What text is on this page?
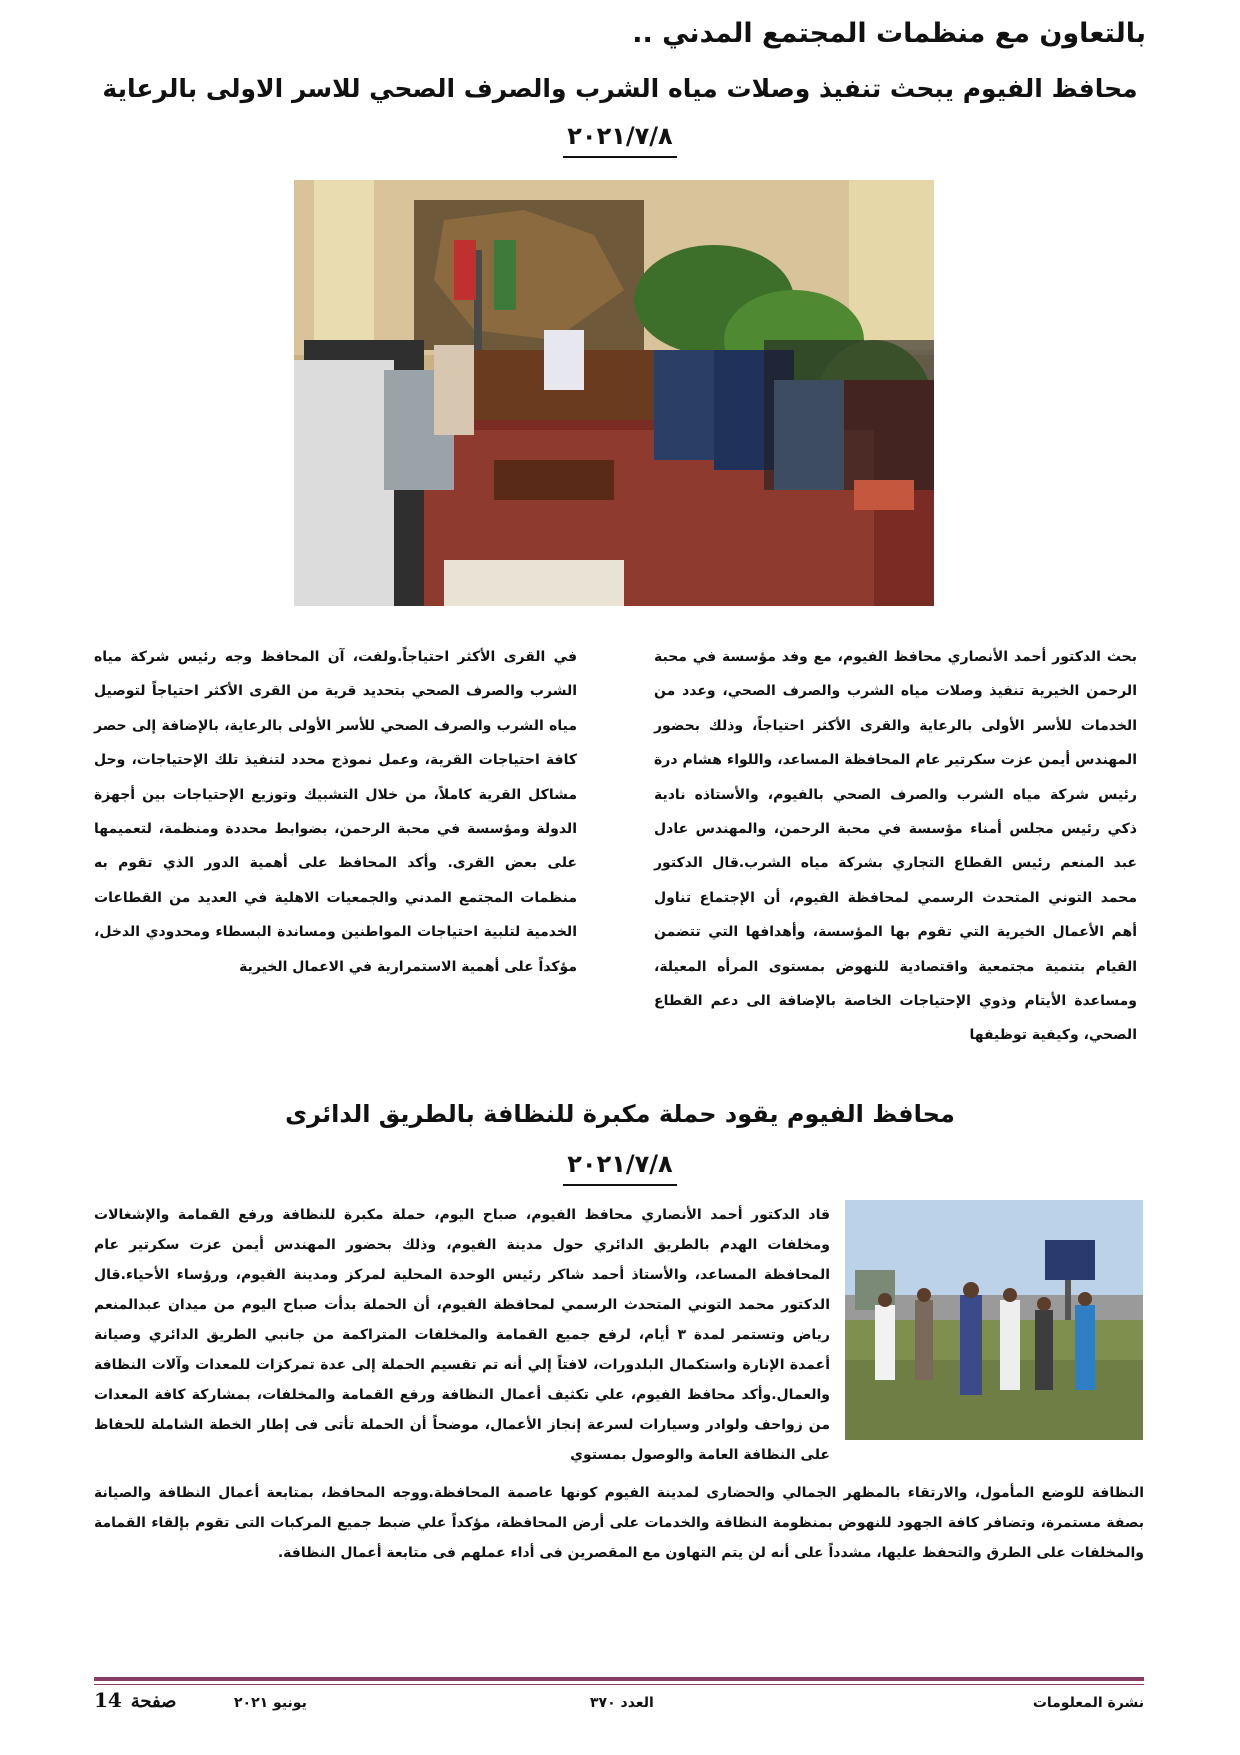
بالتعاون مع منظمات المجتمع المدني ..
محافظ الفيوم يبحث تنفيذ وصلات مياه الشرب والصرف الصحي للاسر الاولى بالرعاية
٢٠٢١/٧/٨
بحث الدكتور أحمد الأنصاري محافظ الفيوم، مع وفد مؤسسة في محبة الرحمن الخيرية تنفيذ وصلات مياه الشرب والصرف الصحي، وعدد من الخدمات للأسر الأولى بالرعاية والقرى الأكثر احتياجاً، وذلك بحضور المهندس أيمن عزت سكرتير عام المحافظة المساعد، واللواء هشام درة رئيس شركة مياه الشرب والصرف الصحي بالفيوم، والأستاذه نادية ذكي رئيس مجلس أمناء مؤسسة في محبة الرحمن، والمهندس عادل عبد المنعم رئيس القطاع التجاري بشركة مياه الشرب.قال الدكتور محمد التوني المتحدث الرسمي لمحافظة الفيوم، أن الإجتماع تناول أهم الأعمال الخيرية التي تقوم بها المؤسسة، وأهدافها التي تتضمن القيام بتنمية مجتمعية واقتصادية للنهوض بمستوى المرأه المعيلة، ومساعدة الأيتام وذوي الإحتياجات الخاصة بالإضافة الى دعم القطاع الصحي، وكيفية توظيفها
في القرى الأكثر احتياجاً.ولفت، آن المحافظ وجه رئيس شركة مياه الشرب والصرف الصحي بتحديد قرية من القرى الأكثر احتياجاً لتوصيل مياه الشرب والصرف الصحي للأسر الأولى بالرعاية، بالإضافة إلى حصر كافة احتياجات القرية، وعمل نموذج محدد لتنفيذ تلك الإحتياجات، وحل مشاكل القرية كاملاً، من خلال التشبيك وتوزيع الإحتياجات بين أجهزة الدولة ومؤسسة في محبة الرحمن، بضوابط محددة ومنظمة، لتعميمها على بعض القرى. وأكد المحافظ على أهمية الدور الذي تقوم به منظمات المجتمع المدني والجمعيات الاهلية في العديد من القطاعات الخدمية لتلبية احتياجات المواطنين ومساندة البسطاء ومحدودي الدخل، مؤكداً على أهمية الاستمرارية في الاعمال الخيرية
محافظ الفيوم يقود حملة مكبرة للنظافة بالطريق الدائرى
٢٠٢١/٧/٨
قاد الدكتور أحمد الأنصاري محافظ الفيوم، صباح اليوم، حملة مكبرة للنظافة ورفع القمامة والإشغالات ومخلفات الهدم بالطريق الدائري حول مدينة الفيوم، وذلك بحضور المهندس أيمن عزت سكرتير عام المحافظة المساعد، والأستاذ أحمد شاكر رئيس الوحدة المحلية لمركز ومدينة الفيوم، ورؤساء الأحياء.قال الدكتور محمد التوني المتحدث الرسمي لمحافظة الفيوم، أن الحملة بدأت صباح اليوم من ميدان عبدالمنعم رياض وتستمر لمدة ٣ أيام، لرفع جميع القمامة والمخلفات المتراكمة من جانبي الطريق الدائري وصيانة أعمدة الإنارة واستكمال البلدورات، لافتاً إلي أنه تم تقسيم الحملة إلى عدة تمركزات للمعدات وآلات النظافة والعمال.وأكد محافظ الفيوم، علي تكثيف أعمال النظافة ورفع القمامة والمخلفات، بمشاركة كافة المعدات من زواحف ولوادر وسيارات لسرعة إنجاز الأعمال، موضحاً أن الحملة تأتى فى إطار الخطة الشاملة للحفاظ على النظافة العامة والوصول بمستوي
النظافة للوضع المأمول، والارتقاء بالمظهر الجمالي والحضارى لمدينة الفيوم كونها عاصمة المحافظة.ووجه المحافظ، بمتابعة أعمال النظافة والصيانة بصفة مستمرة، وتضافر كافة الجهود للنهوض بمنظومة النظافة والخدمات على أرض المحافظة، مؤكداً علي ضبط جميع المركبات التى تقوم بإلقاء القمامة والمخلفات على الطرق والتحفظ عليها، مشدداً على أنه لن يتم التهاون مع المقصرين فى أداء عملهم فى متابعة أعمال النظافة.
نشرة المعلومات
العدد ٣٧٠
يونيو ٢٠٢١
14 صفحة
